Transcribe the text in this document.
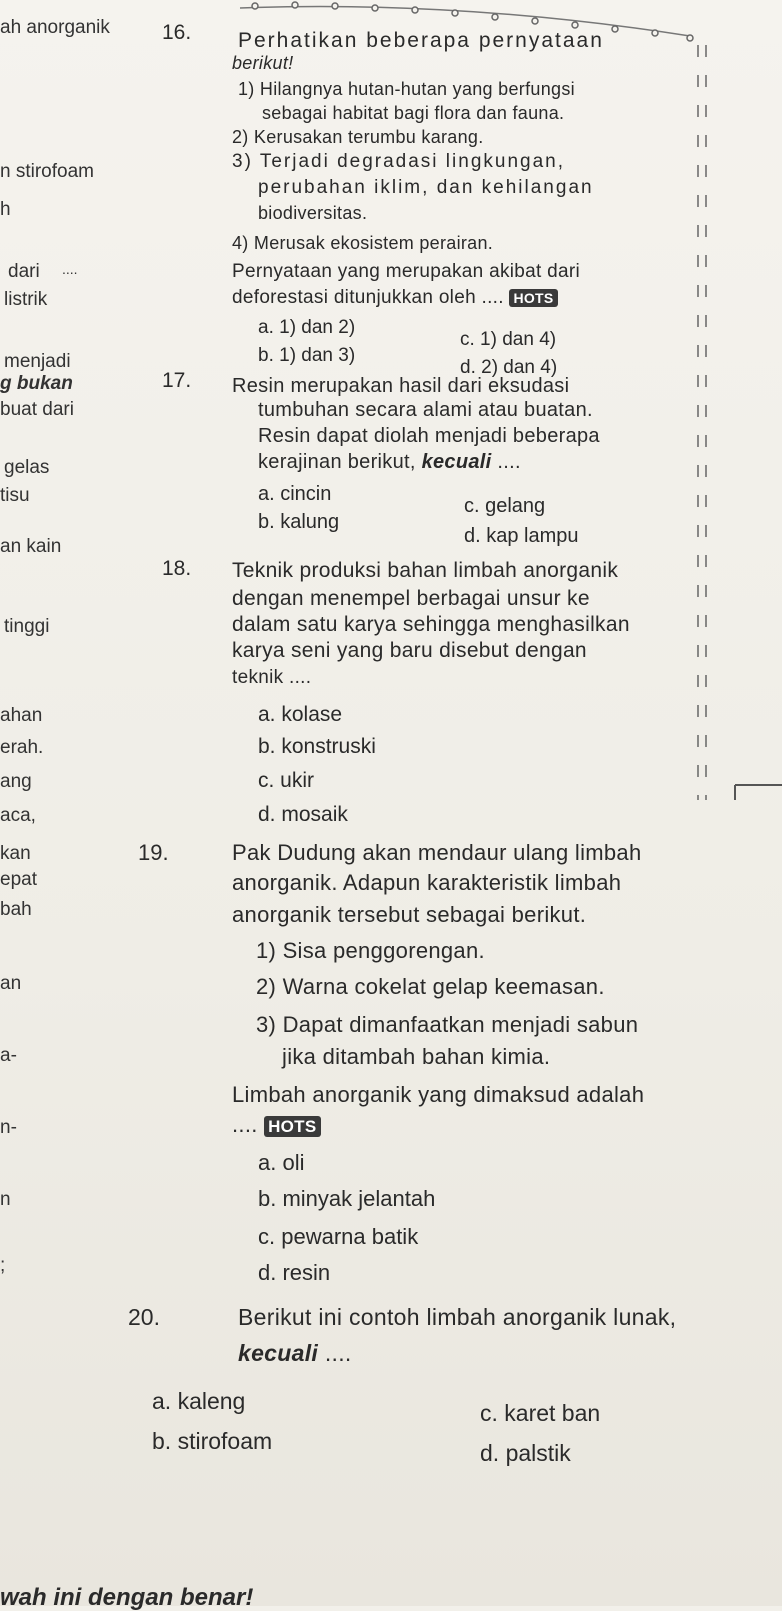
ah anorganik
n stirofoam
h
dari ....
listrik
menjadi
g bukan
buat dari
gelas
tisu
an kain
tinggi
ahan
erah.
ang
aca,
kan
epat
bah
an
a-
n-
n
;
16. Perhatikan beberapa pernyataan
berikut!
1) Hilangnya hutan-hutan yang berfungsi
sebagai habitat bagi flora dan fauna.
2) Kerusakan terumbu karang.
3) Terjadi degradasi lingkungan,
perubahan iklim, dan kehilangan
biodiversitas.
4) Merusak ekosistem perairan.
Pernyataan yang merupakan akibat dari
deforestasi ditunjukkan oleh .... HOTS
a. 1) dan 2)
b. 1) dan 3)
c. 1) dan 4)
d. 2) dan 4)
17. Resin merupakan hasil dari eksudasi
tumbuhan secara alami atau buatan.
Resin dapat diolah menjadi beberapa
kerajinan berikut, kecuali ....
a. cincin
b. kalung
c. gelang
d. kap lampu
18. Teknik produksi bahan limbah anorganik
dengan menempel berbagai unsur ke
dalam satu karya sehingga menghasilkan
karya seni yang baru disebut dengan
teknik ....
a. kolase
b. konstruski
c. ukir
d. mosaik
19.	Pak Dudung akan mendaur ulang limbah
anorganik. Adapun karakteristik limbah
anorganik tersebut sebagai berikut.
1) Sisa penggorengan.
2) Warna cokelat gelap keemasan.
3) Dapat dimanfaatkan menjadi sabun
jika ditambah bahan kimia.
Limbah anorganik yang dimaksud adalah
.... HOTS
a. oli
b. minyak jelantah
c. pewarna batik
d. resin
20.	Berikut ini contoh limbah anorganik lunak,
kecuali ....
a. kaleng
b. stirofoam
c. karet ban
d. palstik
wah ini dengan benar!
